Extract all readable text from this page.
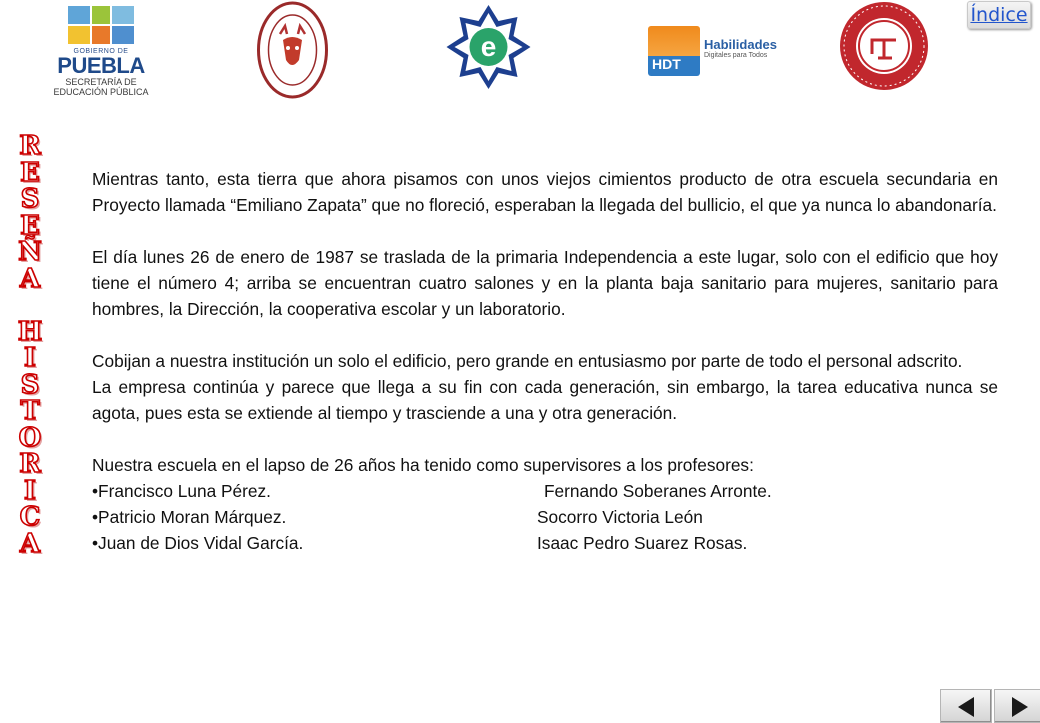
GOBIERNO DE
PUEBLA
SECRETARÍA DE
EDUCACIÓN PÚBLICA
e
HDT
Habilidades
Digitales para Todos
Índice
R
E
S
E
Ñ
A
H
I
S
T
O
R
I
C
A

Mientras tanto, esta tierra que ahora pisamos con unos viejos cimientos producto de otra escuela secundaria en Proyecto llamada “Emiliano Zapata” que no floreció, esperaban la llegada del bullicio, el que ya nunca lo abandonaría.

El día lunes 26 de enero de 1987 se traslada de la primaria Independencia a este lugar, solo con el edificio que hoy tiene el número 4; arriba se encuentran cuatro salones y en la planta baja sanitario para mujeres, sanitario para hombres, la Dirección, la cooperativa escolar y un laboratorio.

Cobijan a nuestra institución un solo el edificio, pero grande en entusiasmo por parte de todo el personal adscrito.

La empresa continúa y parece que llega a su fin con cada generación, sin embargo, la tarea educativa nunca se agota, pues esta se extiende al tiempo y trasciende a una y otra generación.

Nuestra escuela en el lapso de 26 años ha tenido como supervisores a los profesores:

•Francisco Luna Pérez.	Fernando Soberanes Arronte.
•Patricio Moran Márquez.	Socorro Victoria León
•Juan de Dios Vidal García.	Isaac Pedro Suarez Rosas.
